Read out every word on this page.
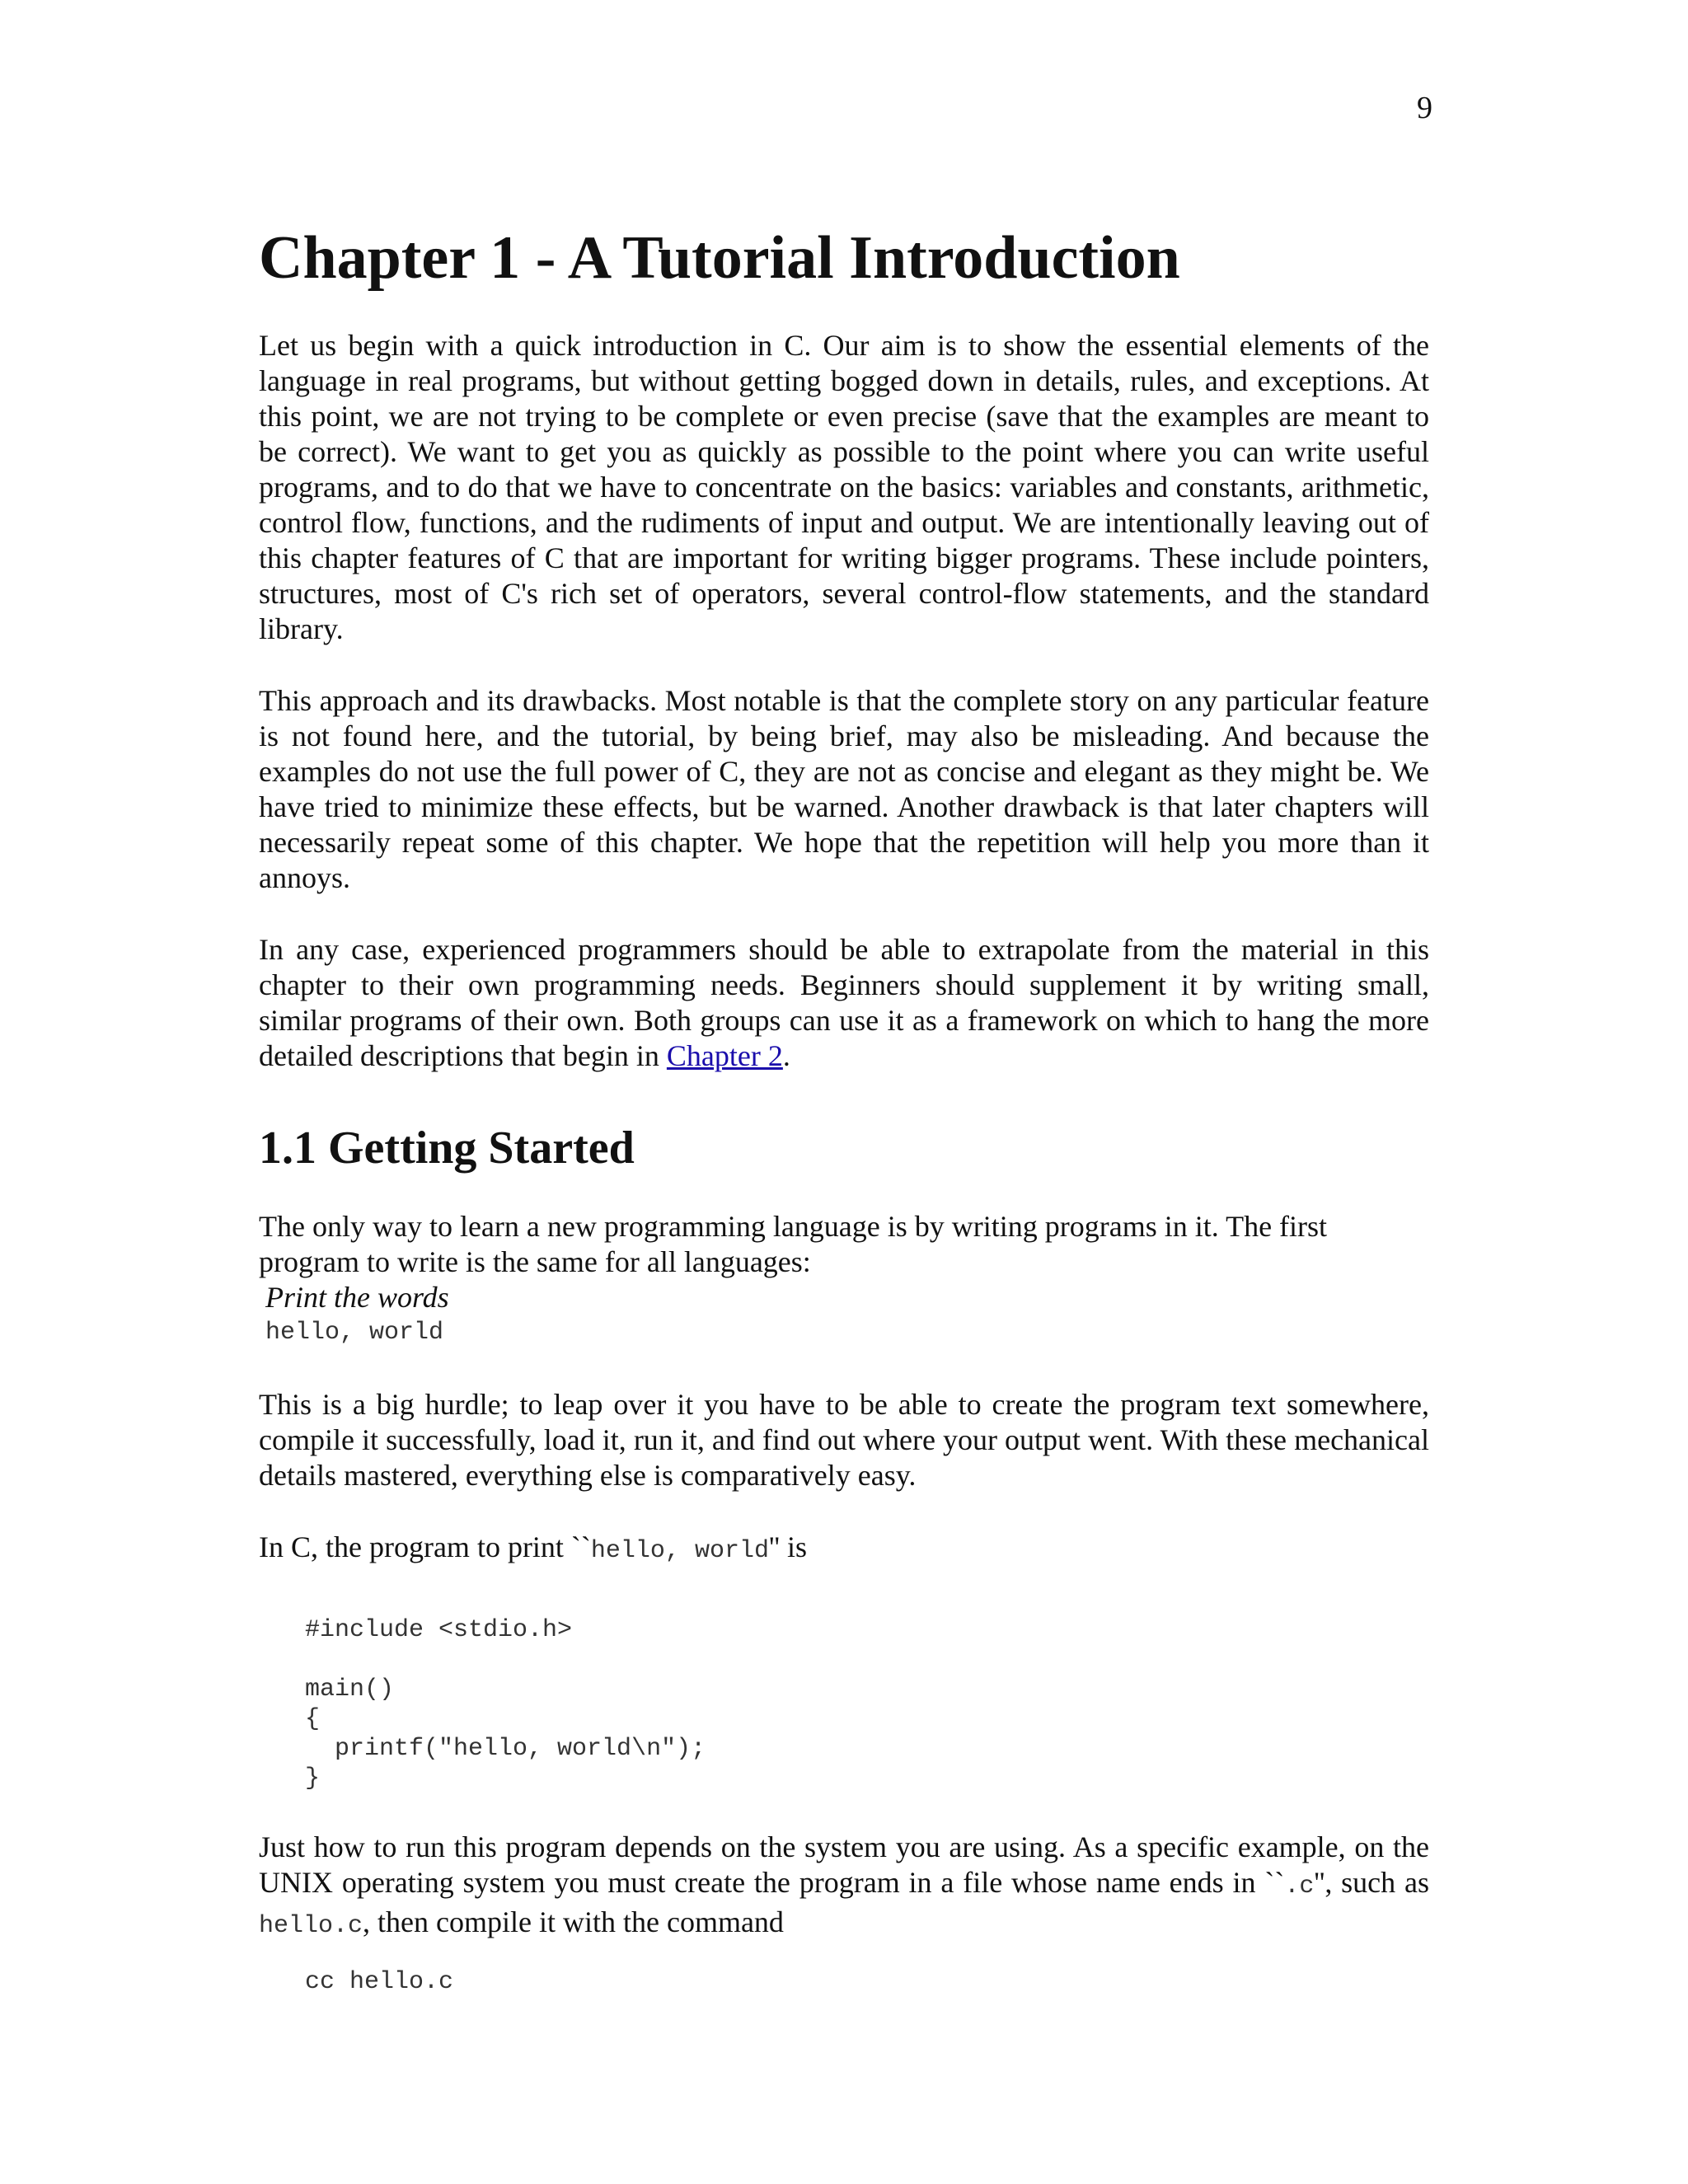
9
Chapter 1 - A Tutorial Introduction

Let us begin with a quick introduction in C. Our aim is to show the essential elements of the language in real programs, but without getting bogged down in details, rules, and exceptions. At this point, we are not trying to be complete or even precise (save that the examples are meant to be correct). We want to get you as quickly as possible to the point where you can write useful programs, and to do that we have to concentrate on the basics: variables and constants, arithmetic, control flow, functions, and the rudiments of input and output. We are intentionally leaving out of this chapter features of C that are important for writing bigger programs. These include pointers, structures, most of C's rich set of operators, several control-flow statements, and the standard library.

This approach and its drawbacks. Most notable is that the complete story on any particular feature is not found here, and the tutorial, by being brief, may also be misleading. And because the examples do not use the full power of C, they are not as concise and elegant as they might be. We have tried to minimize these effects, but be warned. Another drawback is that later chapters will necessarily repeat some of this chapter. We hope that the repetition will help you more than it annoys.

In any case, experienced programmers should be able to extrapolate from the material in this chapter to their own programming needs. Beginners should supplement it by writing small, similar programs of their own. Both groups can use it as a framework on which to hang the more detailed descriptions that begin in Chapter 2.

1.1 Getting Started

The only way to learn a new programming language is by writing programs in it. The first program to write is the same for all languages:

Print the words
hello, world

This is a big hurdle; to leap over it you have to be able to create the program text somewhere, compile it successfully, load it, run it, and find out where your output went. With these mechanical details mastered, everything else is comparatively easy.

In C, the program to print ``hello, world'' is

#include <stdio.h>
main()
{
printf("hello, world\n");
}

Just how to run this program depends on the system you are using. As a specific example, on the UNIX operating system you must create the program in a file whose name ends in ``.c'', such as hello.c, then compile it with the command

cc hello.c
